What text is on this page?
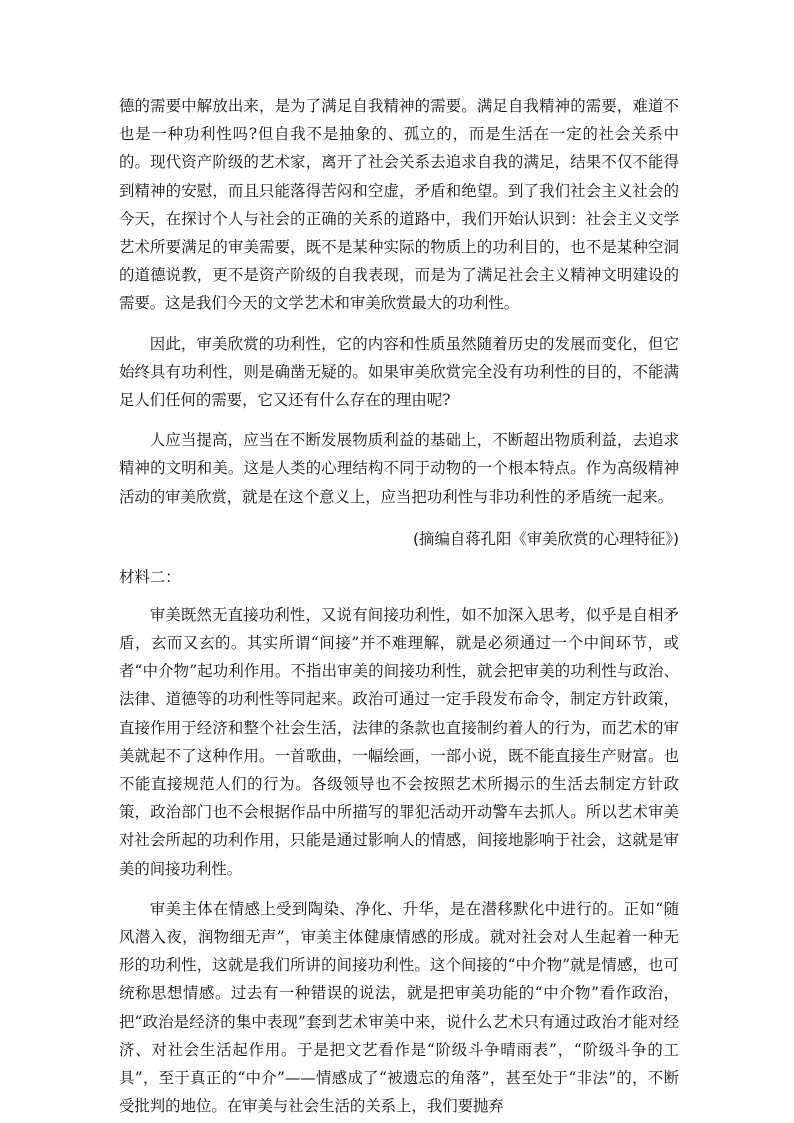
德的需要中解放出来，是为了满足自我精神的需要。满足自我精神的需要，难道不也是一种功利性吗?但自我不是抽象的、孤立的，而是生活在一定的社会关系中的。现代资产阶级的艺术家，离开了社会关系去追求自我的满足，结果不仅不能得到精神的安慰，而且只能落得苦闷和空虚，矛盾和绝望。到了我们社会主义社会的今天，在探讨个人与社会的正确的关系的道路中，我们开始认识到：社会主义文学艺术所要满足的审美需要，既不是某种实际的物质上的功利目的，也不是某种空洞的道德说教，更不是资产阶级的自我表现，而是为了满足社会主义精神文明建设的需要。这是我们今天的文学艺术和审美欣赏最大的功利性。

因此，审美欣赏的功利性，它的内容和性质虽然随着历史的发展而变化，但它始终具有功利性，则是确凿无疑的。如果审美欣赏完全没有功利性的目的，不能满足人们任何的需要，它又还有什么存在的理由呢?

人应当提高，应当在不断发展物质利益的基础上，不断超出物质利益，去追求精神的文明和美。这是人类的心理结构不同于动物的一个根本特点。作为高级精神活动的审美欣赏，就是在这个意义上，应当把功利性与非功利性的矛盾统一起来。

(摘编自蒋孔阳《审美欣赏的心理特征》)

材料二：

审美既然无直接功利性，又说有间接功利性，如不加深入思考，似乎是自相矛盾，玄而又玄的。其实所谓“间接”并不难理解，就是必须通过一个中间环节，或者“中介物”起功利作用。不指出审美的间接功利性，就会把审美的功利性与政治、法律、道德等的功利性等同起来。政治可通过一定手段发布命令，制定方针政策，直接作用于经济和整个社会生活，法律的条款也直接制约着人的行为，而艺术的审美就起不了这种作用。一首歌曲，一幅绘画，一部小说，既不能直接生产财富。也不能直接规范人们的行为。各级领导也不会按照艺术所揭示的生活去制定方针政策，政治部门也不会根据作品中所描写的罪犯活动开动警车去抓人。所以艺术审美对社会所起的功利作用，只能是通过影响人的情感，间接地影响于社会，这就是审美的间接功利性。

审美主体在情感上受到陶染、净化、升华，是在潜移默化中进行的。正如“随风潜入夜，润物细无声”，审美主体健康情感的形成。就对社会对人生起着一种无形的功利性，这就是我们所讲的间接功利性。这个间接的“中介物”就是情感，也可统称思想情感。过去有一种错误的说法，就是把审美功能的“中介物”看作政治，把“政治是经济的集中表现”套到艺术审美中来，说什么艺术只有通过政治才能对经济、对社会生活起作用。于是把文艺看作是“阶级斗争晴雨表”，“阶级斗争的工具”，至于真正的“中介”——情感成了“被遗忘的角落”，甚至处于“非法”的，不断受批判的地位。在审美与社会生活的关系上，我们要抛弃
